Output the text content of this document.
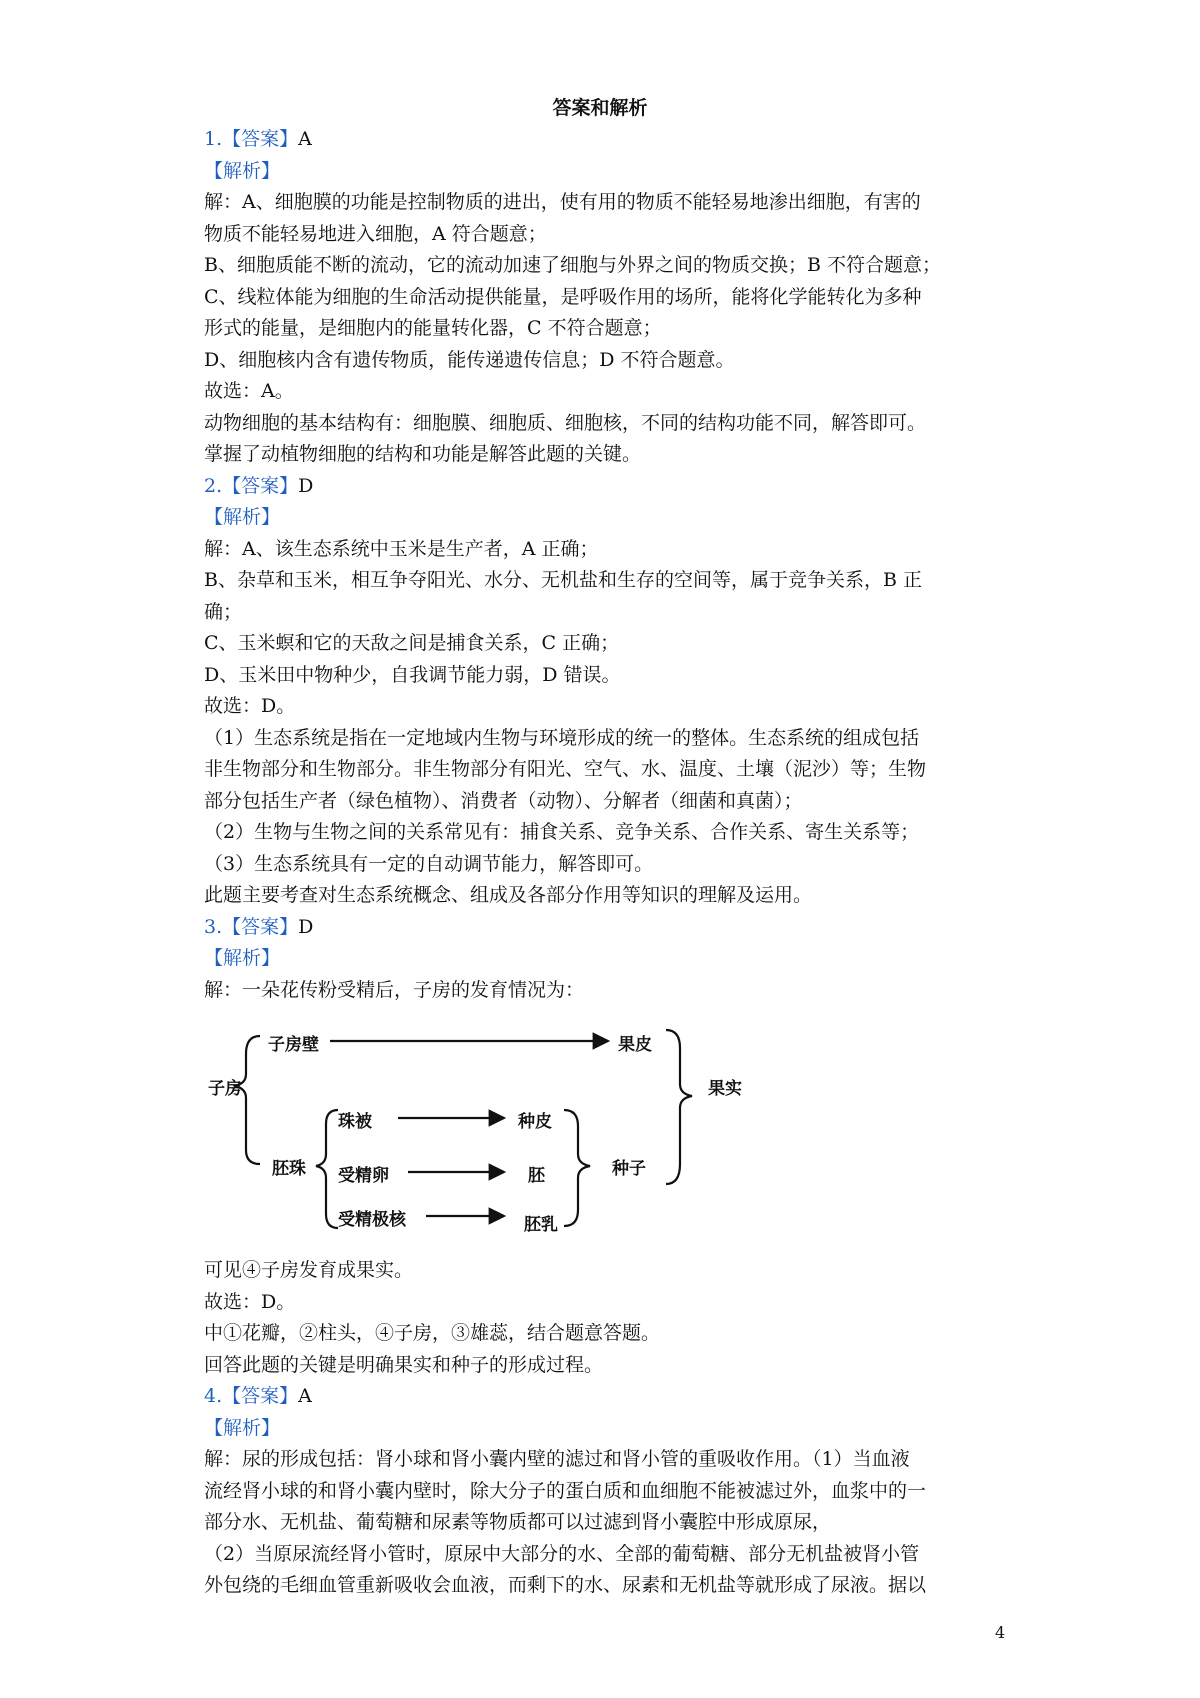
答案和解析
1.【答案】A
【解析】
解：A、细胞膜的功能是控制物质的进出，使有用的物质不能轻易地渗出细胞，有害的
物质不能轻易地进入细胞，A 符合题意；
B、细胞质能不断的流动，它的流动加速了细胞与外界之间的物质交换；B 不符合题意；
C、线粒体能为细胞的生命活动提供能量，是呼吸作用的场所，能将化学能转化为多种
形式的能量，是细胞内的能量转化器，C 不符合题意；
D、细胞核内含有遗传物质，能传递遗传信息；D 不符合题意。
故选：A。
动物细胞的基本结构有：细胞膜、细胞质、细胞核，不同的结构功能不同，解答即可。
掌握了动植物细胞的结构和功能是解答此题的关键。
2.【答案】D
【解析】
解：A、该生态系统中玉米是生产者，A 正确；
B、杂草和玉米，相互争夺阳光、水分、无机盐和生存的空间等，属于竞争关系，B 正
确；
C、玉米螟和它的天敌之间是捕食关系，C 正确；
D、玉米田中物种少，自我调节能力弱，D 错误。
故选：D。
（1）生态系统是指在一定地域内生物与环境形成的统一的整体。生态系统的组成包括
非生物部分和生物部分。非生物部分有阳光、空气、水、温度、土壤（泥沙）等；生物
部分包括生产者（绿色植物）、消费者（动物）、分解者（细菌和真菌）；
（2）生物与生物之间的关系常见有：捕食关系、竞争关系、合作关系、寄生关系等；
（3）生态系统具有一定的自动调节能力，解答即可。
此题主要考查对生态系统概念、组成及各部分作用等知识的理解及运用。
3.【答案】D
【解析】
解：一朵花传粉受精后，子房的发育情况为：
子房
子房壁	果皮
果实
胚珠
珠被	种皮
受精卵	胚
受精极核	胚乳
种子
可见④子房发育成果实。
故选：D。
中①花瓣，②柱头，④子房，③雄蕊，结合题意答题。
回答此题的关键是明确果实和种子的形成过程。
4.【答案】A
【解析】
解：尿的形成包括：肾小球和肾小囊内壁的滤过和肾小管的重吸收作用。（1）当血液
流经肾小球的和肾小囊内壁时，除大分子的蛋白质和血细胞不能被滤过外，血浆中的一
部分水、无机盐、葡萄糖和尿素等物质都可以过滤到肾小囊腔中形成原尿，
（2）当原尿流经肾小管时，原尿中大部分的水、全部的葡萄糖、部分无机盐被肾小管
外包绕的毛细血管重新吸收会血液，而剩下的水、尿素和无机盐等就形成了尿液。据以
4
